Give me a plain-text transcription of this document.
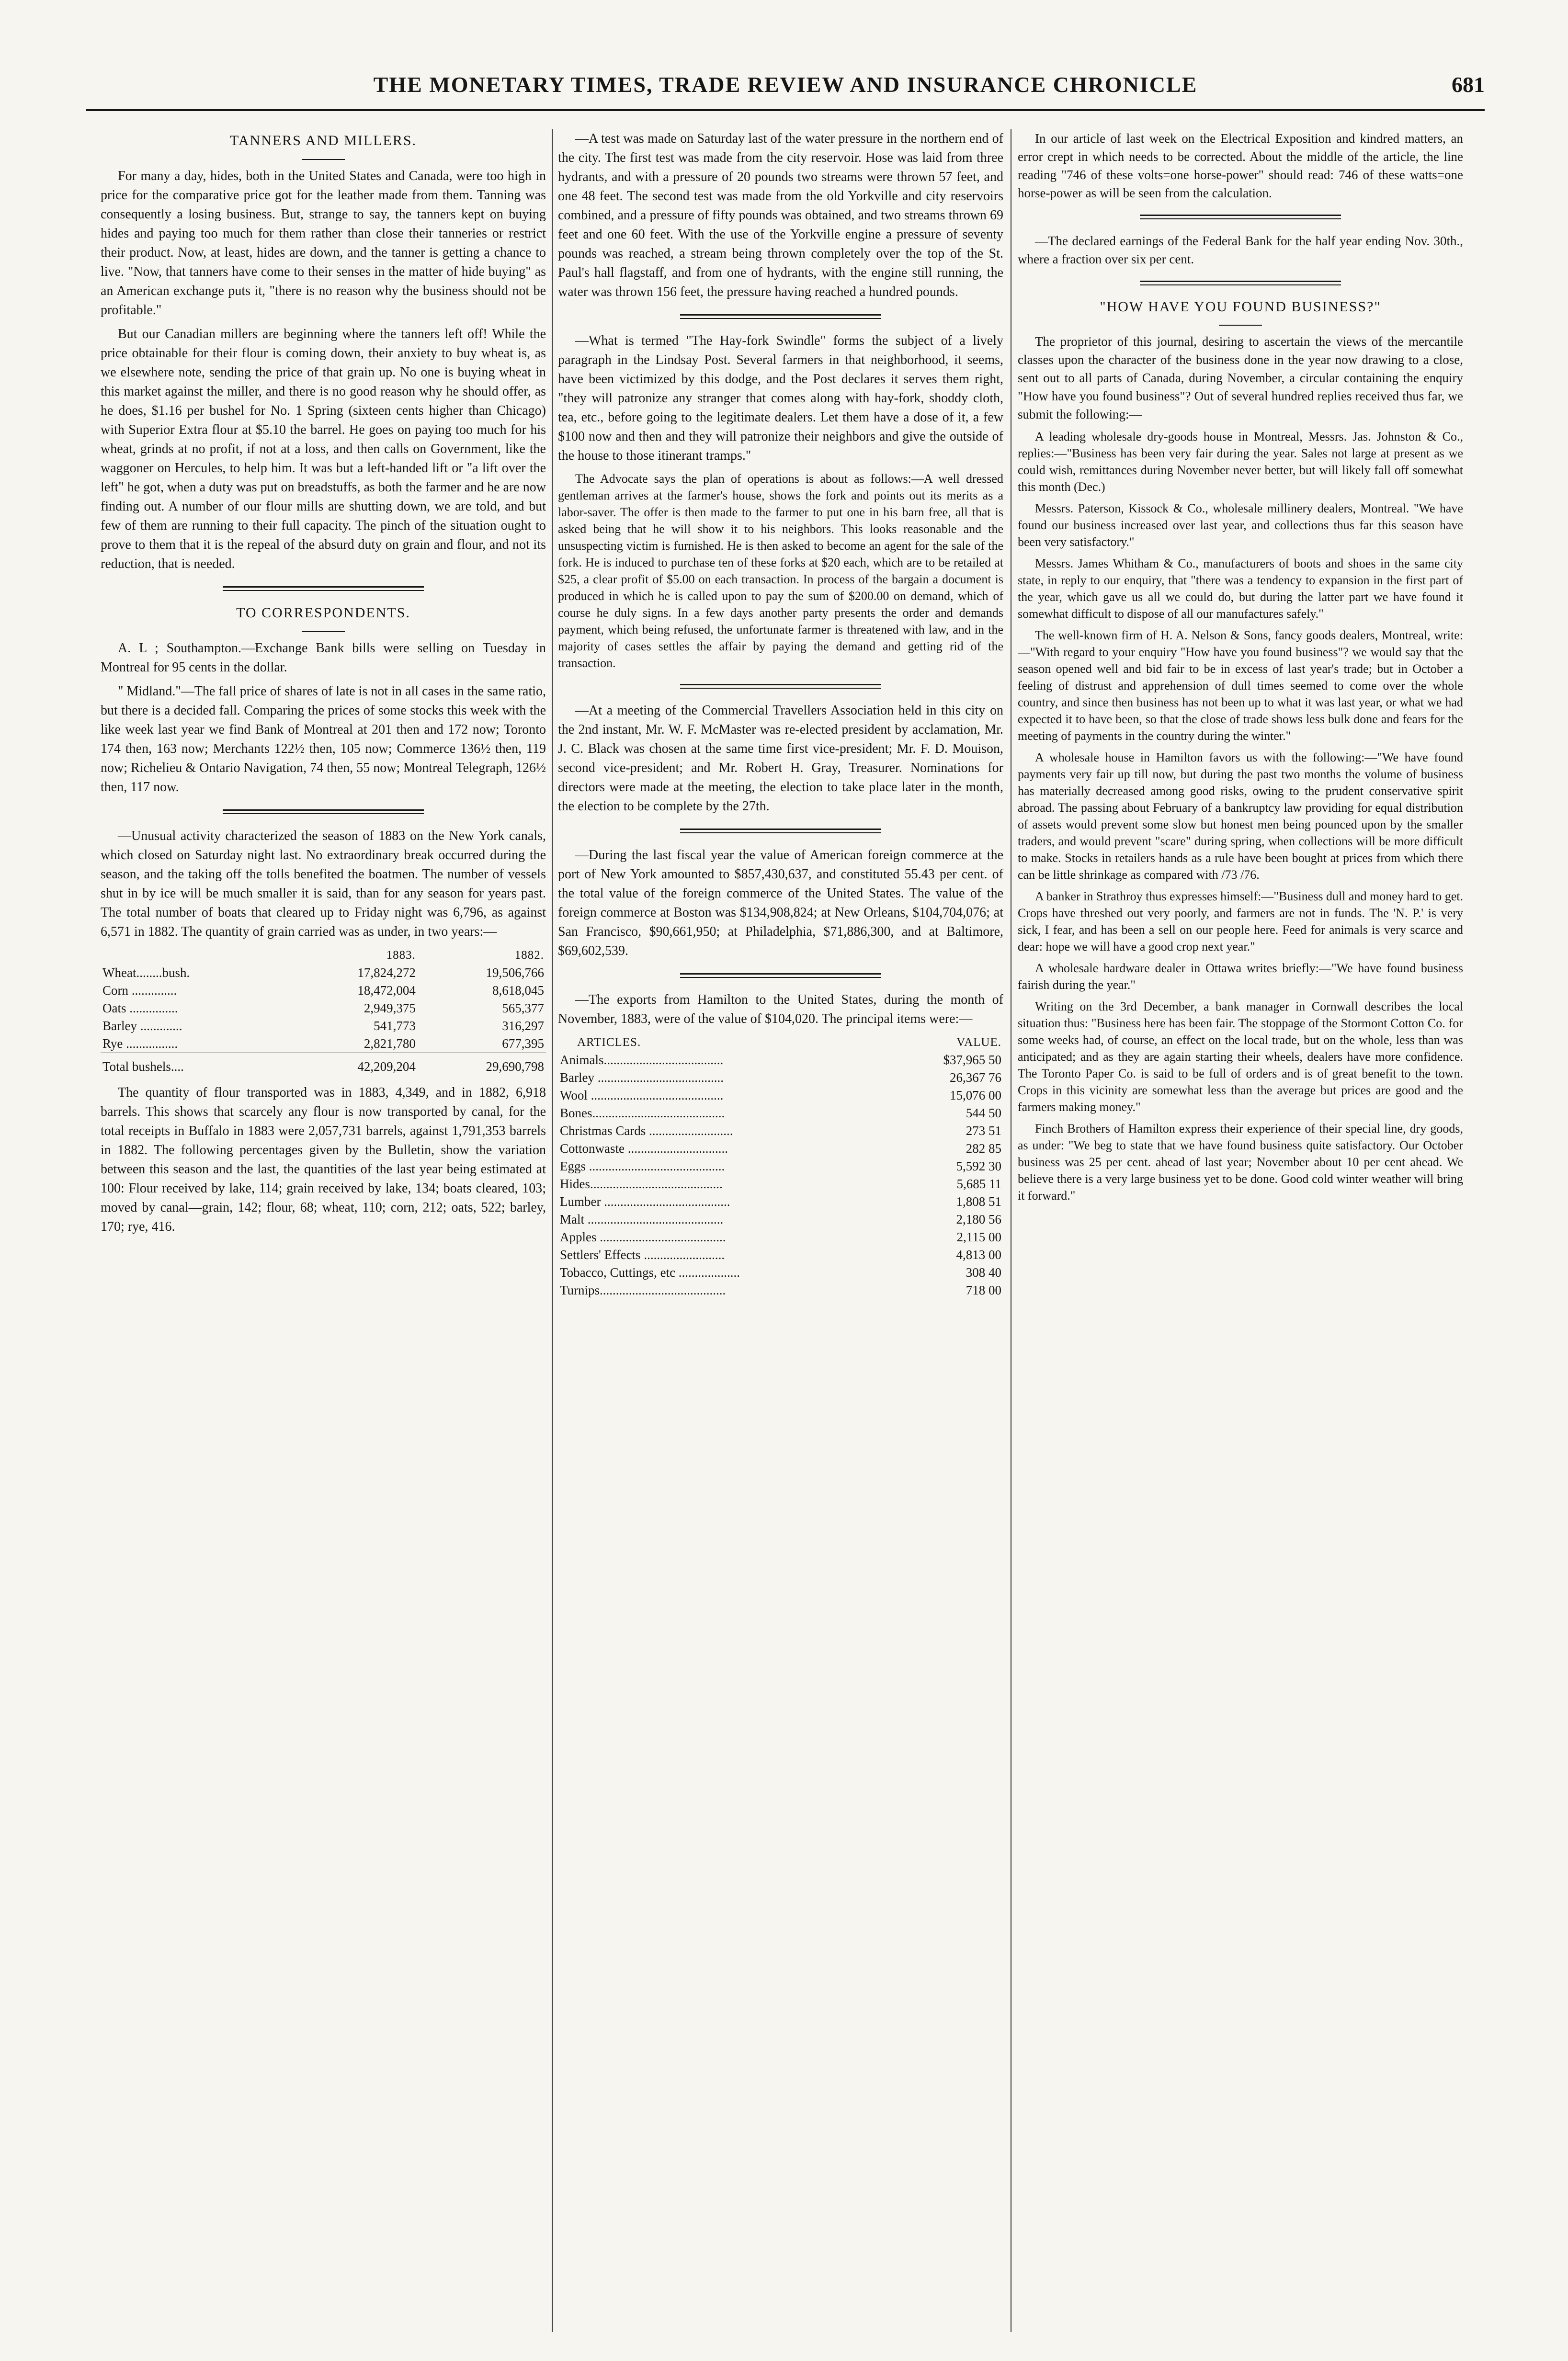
THE MONETARY TIMES, TRADE REVIEW AND INSURANCE CHRONICLE	681
TANNERS AND MILLERS.

For many a day, hides, both in the United States and Canada, were too high in price for the comparative price got for the leather made from them. Tanning was consequently a losing business. But, strange to say, the tanners kept on buying hides and paying too much for them rather than close their tanneries or restrict their product. Now, at least, hides are down, and the tanner is getting a chance to live. "Now, that tanners have come to their senses in the matter of hide buying" as an American exchange puts it, "there is no reason why the business should not be profitable."

But our Canadian millers are beginning where the tanners left off! While the price obtainable for their flour is coming down, their anxiety to buy wheat is, as we elsewhere note, sending the price of that grain up. No one is buying wheat in this market against the miller, and there is no good reason why he should offer, as he does, $1.16 per bushel for No. 1 Spring (sixteen cents higher than Chicago) with Superior Extra flour at $5.10 the barrel. He goes on paying too much for his wheat, grinds at no profit, if not at a loss, and then calls on Government, like the waggoner on Hercules, to help him. It was but a left-handed lift or "a lift over the left" he got, when a duty was put on breadstuffs, as both the farmer and he are now finding out. A number of our flour mills are shutting down, we are told, and but few of them are running to their full capacity. The pinch of the situation ought to prove to them that it is the repeal of the absurd duty on grain and flour, and not its reduction, that is needed.

TO CORRESPONDENTS.

A. L ; Southampton.—Exchange Bank bills were selling on Tuesday in Montreal for 95 cents in the dollar.

" Midland."—The fall price of shares of late is not in all cases in the same ratio, but there is a decided fall. Comparing the prices of some stocks this week with the like week last year we find Bank of Montreal at 201 then and 172 now; Toronto 174 then, 163 now; Merchants 122½ then, 105 now; Commerce 136½ then, 119 now; Richelieu & Ontario Navigation, 74 then, 55 now; Montreal Telegraph, 126½ then, 117 now.

—Unusual activity characterized the season of 1883 on the New York canals, which closed on Saturday night last. No extraordinary break occurred during the season, and the taking off the tolls benefited the boatmen. The number of vessels shut in by ice will be much smaller it is said, than for any season for years past. The total number of boats that cleared up to Friday night was 6,796, as against 6,571 in 1882. The quantity of grain carried was as under, in two years:—

	1883.	1882.
Wheat........bush.	17,824,272	19,506,766
Corn ..............	18,472,004	8,618,045
Oats ...............	2,949,375	565,377
Barley .............	541,773	316,297
Rye ................	2,821,780	677,395
Total bushels....	42,209,204	29,690,798

The quantity of flour transported was in 1883, 4,349, and in 1882, 6,918 barrels. This shows that scarcely any flour is now transported by canal, for the total receipts in Buffalo in 1883 were 2,057,731 barrels, against 1,791,353 barrels in 1882. The following percentages given by the Bulletin, show the variation between this season and the last, the quantities of the last year being estimated at 100: Flour received by lake, 114; grain received by lake, 134; boats cleared, 103; moved by canal—grain, 142; flour, 68; wheat, 110; corn, 212; oats, 522; barley, 170; rye, 416.

—A test was made on Saturday last of the water pressure in the northern end of the city. The first test was made from the city reservoir. Hose was laid from three hydrants, and with a pressure of 20 pounds two streams were thrown 57 feet, and one 48 feet. The second test was made from the old Yorkville and city reservoirs combined, and a pressure of fifty pounds was obtained, and two streams thrown 69 feet and one 60 feet. With the use of the Yorkville engine a pressure of seventy pounds was reached, a stream being thrown completely over the top of the St. Paul's hall flagstaff, and from one of hydrants, with the engine still running, the water was thrown 156 feet, the pressure having reached a hundred pounds.

—What is termed "The Hay-fork Swindle" forms the subject of a lively paragraph in the Lindsay Post. Several farmers in that neighborhood, it seems, have been victimized by this dodge, and the Post declares it serves them right, "they will patronize any stranger that comes along with hay-fork, shoddy cloth, tea, etc., before going to the legitimate dealers. Let them have a dose of it, a few $100 now and then and they will patronize their neighbors and give the outside of the house to those itinerant tramps."

The Advocate says the plan of operations is about as follows:—A well dressed gentleman arrives at the farmer's house, shows the fork and points out its merits as a labor-saver. The offer is then made to the farmer to put one in his barn free, all that is asked being that he will show it to his neighbors. This looks reasonable and the unsuspecting victim is furnished. He is then asked to become an agent for the sale of the fork. He is induced to purchase ten of these forks at $20 each, which are to be retailed at $25, a clear profit of $5.00 on each transaction. In process of the bargain a document is produced in which he is called upon to pay the sum of $200.00 on demand, which of course he duly signs. In a few days another party presents the order and demands payment, which being refused, the unfortunate farmer is threatened with law, and in the majority of cases settles the affair by paying the demand and getting rid of the transaction.

—At a meeting of the Commercial Travellers Association held in this city on the 2nd instant, Mr. W. F. McMaster was re-elected president by acclamation, Mr. J. C. Black was chosen at the same time first vice-president; Mr. F. D. Mouison, second vice-president; and Mr. Robert H. Gray, Treasurer. Nominations for directors were made at the meeting, the election to take place later in the month, the election to be complete by the 27th.

—During the last fiscal year the value of American foreign commerce at the port of New York amounted to $857,430,637, and constituted 55.43 per cent. of the total value of the foreign commerce of the United States. The value of the foreign commerce at Boston was $134,908,824; at New Orleans, $104,704,076; at San Francisco, $90,661,950; at Philadelphia, $71,886,300, and at Baltimore, $69,602,539.

—The exports from Hamilton to the United States, during the month of November, 1883, were of the value of $104,020. The principal items were:—

ARTICLES.	VALUE.
Animals.....................................	$37,965 50
Barley .......................................	26,367 76
Wool .........................................	15,076 00
Bones.........................................	544 50
Christmas Cards ..........................	273 51
Cottonwaste ...............................	282 85
Eggs ..........................................	5,592 30
Hides.........................................	5,685 11
Lumber .......................................	1,808 51
Malt ..........................................	2,180 56
Apples .......................................	2,115 00
Settlers' Effects .........................	4,813 00
Tobacco, Cuttings, etc ...................	308 40
Turnips.......................................	718 00

In our article of last week on the Electrical Exposition and kindred matters, an error crept in which needs to be corrected. About the middle of the article, the line reading "746 of these volts=one horse-power" should read: 746 of these watts=one horse-power as will be seen from the calculation.

—The declared earnings of the Federal Bank for the half year ending Nov. 30th., where a fraction over six per cent.

"HOW HAVE YOU FOUND BUSINESS?"

The proprietor of this journal, desiring to ascertain the views of the mercantile classes upon the character of the business done in the year now drawing to a close, sent out to all parts of Canada, during November, a circular containing the enquiry "How have you found business"? Out of several hundred replies received thus far, we submit the following:—

A leading wholesale dry-goods house in Montreal, Messrs. Jas. Johnston & Co., replies:—"Business has been very fair during the year. Sales not large at present as we could wish, remittances during November never better, but will likely fall off somewhat this month (Dec.)

Messrs. Paterson, Kissock & Co., wholesale millinery dealers, Montreal. "We have found our business increased over last year, and collections thus far this season have been very satisfactory."

Messrs. James Whitham & Co., manufacturers of boots and shoes in the same city state, in reply to our enquiry, that "there was a tendency to expansion in the first part of the year, which gave us all we could do, but during the latter part we have found it somewhat difficult to dispose of all our manufactures safely."

The well-known firm of H. A. Nelson & Sons, fancy goods dealers, Montreal, write:—"With regard to your enquiry "How have you found business"? we would say that the season opened well and bid fair to be in excess of last year's trade; but in October a feeling of distrust and apprehension of dull times seemed to come over the whole country, and since then business has not been up to what it was last year, or what we had expected it to have been, so that the close of trade shows less bulk done and fears for the meeting of payments in the country during the winter."

A wholesale house in Hamilton favors us with the following:—"We have found payments very fair up till now, but during the past two months the volume of business has materially decreased among good risks, owing to the prudent conservative spirit abroad. The passing about February of a bankruptcy law providing for equal distribution of assets would prevent some slow but honest men being pounced upon by the smaller traders, and would prevent "scare" during spring, when collections will be more difficult to make. Stocks in retailers hands as a rule have been bought at prices from which there can be little shrinkage as compared with /73 /76.

A banker in Strathroy thus expresses himself:—"Business dull and money hard to get. Crops have threshed out very poorly, and farmers are not in funds. The 'N. P.' is very sick, I fear, and has been a sell on our people here. Feed for animals is very scarce and dear: hope we will have a good crop next year."

A wholesale hardware dealer in Ottawa writes briefly:—"We have found business fairish during the year."

Writing on the 3rd December, a bank manager in Cornwall describes the local situation thus: "Business here has been fair. The stoppage of the Stormont Cotton Co. for some weeks had, of course, an effect on the local trade, but on the whole, less than was anticipated; and as they are again starting their wheels, dealers have more confidence. The Toronto Paper Co. is said to be full of orders and is of great benefit to the town. Crops in this vicinity are somewhat less than the average but prices are good and the farmers making money."

Finch Brothers of Hamilton express their experience of their special line, dry goods, as under: "We beg to state that we have found business quite satisfactory. Our October business was 25 per cent. ahead of last year; November about 10 per cent ahead. We believe there is a very large business yet to be done. Good cold winter weather will bring it forward."
